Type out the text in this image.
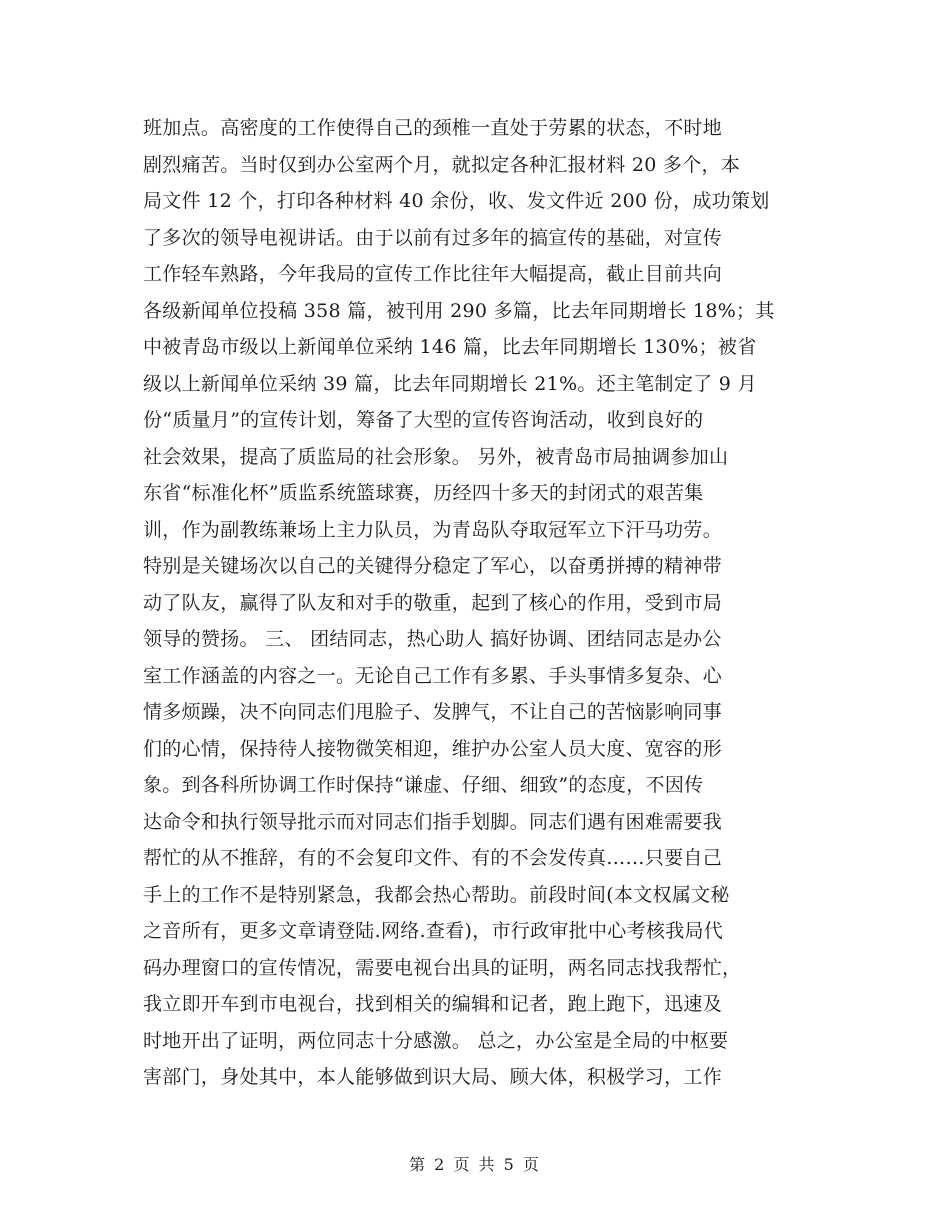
班加点。高密度的工作使得自己的颈椎一直处于劳累的状态，不时地
剧烈痛苦。当时仅到办公室两个月，就拟定各种汇报材料 20 多个，本
局文件 12 个，打印各种材料 40 余份，收、发文件近 200 份，成功策划
了多次的领导电视讲话。由于以前有过多年的搞宣传的基础，对宣传
工作轻车熟路，今年我局的宣传工作比往年大幅提高，截止目前共向
各级新闻单位投稿 358 篇，被刊用 290 多篇，比去年同期增长 18%；其
中被青岛市级以上新闻单位采纳 146 篇，比去年同期增长 130%；被省
级以上新闻单位采纳 39 篇，比去年同期增长 21%。还主笔制定了 9 月
份“质量月”的宣传计划，筹备了大型的宣传咨询活动，收到良好的
社会效果，提高了质监局的社会形象。 另外，被青岛市局抽调参加山
东省“标准化杯”质监系统篮球赛，历经四十多天的封闭式的艰苦集
训，作为副教练兼场上主力队员，为青岛队夺取冠军立下汗马功劳。
特别是关键场次以自己的关键得分稳定了军心，以奋勇拼搏的精神带
动了队友，赢得了队友和对手的敬重，起到了核心的作用，受到市局
领导的赞扬。 三、 团结同志，热心助人 搞好协调、团结同志是办公
室工作涵盖的内容之一。无论自己工作有多累、手头事情多复杂、心
情多烦躁，决不向同志们甩脸子、发脾气，不让自己的苦恼影响同事
们的心情，保持待人接物微笑相迎，维护办公室人员大度、宽容的形
象。到各科所协调工作时保持“谦虚、仔细、细致”的态度，不因传
达命令和执行领导批示而对同志们指手划脚。同志们遇有困难需要我
帮忙的从不推辞，有的不会复印文件、有的不会发传真……只要自己
手上的工作不是特别紧急，我都会热心帮助。前段时间(本文权属文秘
之音所有，更多文章请登陆.网络.查看)，市行政审批中心考核我局代
码办理窗口的宣传情况，需要电视台出具的证明，两名同志找我帮忙，
我立即开车到市电视台，找到相关的编辑和记者，跑上跑下，迅速及
时地开出了证明，两位同志十分感激。 总之，办公室是全局的中枢要
害部门，身处其中，本人能够做到识大局、顾大体，积极学习，工作
第 2 页 共 5 页
